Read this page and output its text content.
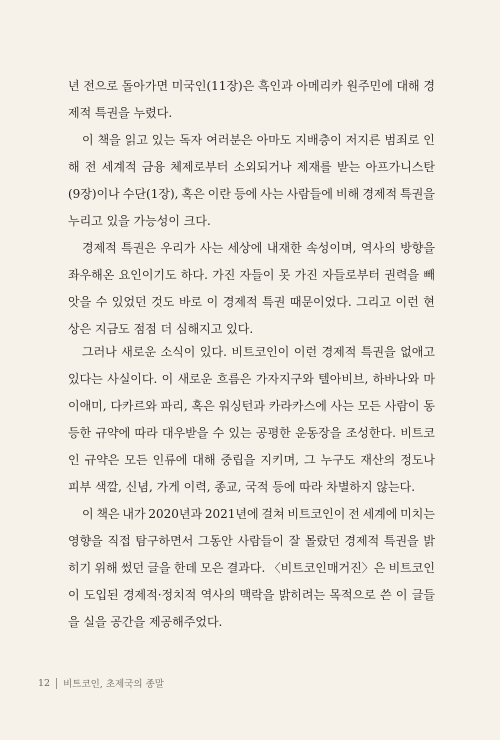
년 전으로 돌아가면 미국인(11장)은 흑인과 아메리카 원주민에 대해 경
제적 특권을 누렸다.
이 책을 읽고 있는 독자 여러분은 아마도 지배층이 저지른 범죄로 인
해 전 세계적 금융 체제로부터 소외되거나 제재를 받는 아프가니스탄
(9장)이나 수단(1장), 혹은 이란 등에 사는 사람들에 비해 경제적 특권을
누리고 있을 가능성이 크다.
경제적 특권은 우리가 사는 세상에 내재한 속성이며, 역사의 방향을
좌우해온 요인이기도 하다. 가진 자들이 못 가진 자들로부터 권력을 빼
앗을 수 있었던 것도 바로 이 경제적 특권 때문이었다. 그리고 이런 현
상은 지금도 점점 더 심해지고 있다.
그러나 새로운 소식이 있다. 비트코인이 이런 경제적 특권을 없애고
있다는 사실이다. 이 새로운 흐름은 가자지구와 텔아비브, 하바나와 마
이애미, 다카르와 파리, 혹은 워싱턴과 카라카스에 사는 모든 사람이 동
등한 규약에 따라 대우받을 수 있는 공평한 운동장을 조성한다. 비트코
인 규약은 모든 인류에 대해 중립을 지키며, 그 누구도 재산의 정도나
피부 색깔, 신념, 가게 이력, 종교, 국적 등에 따라 차별하지 않는다.
이 책은 내가 2020년과 2021년에 걸쳐 비트코인이 전 세계에 미치는
영향을 직접 탐구하면서 그동안 사람들이 잘 몰랐던 경제적 특권을 밝
히기 위해 썼던 글을 한데 모은 결과다. 〈비트코인매거진〉은 비트코인
이 도입된 경제적·정치적 역사의 맥락을 밝히려는 목적으로 쓴 이 글들
을 실을 공간을 제공해주었다.
12 비트코인, 초제국의 종말
